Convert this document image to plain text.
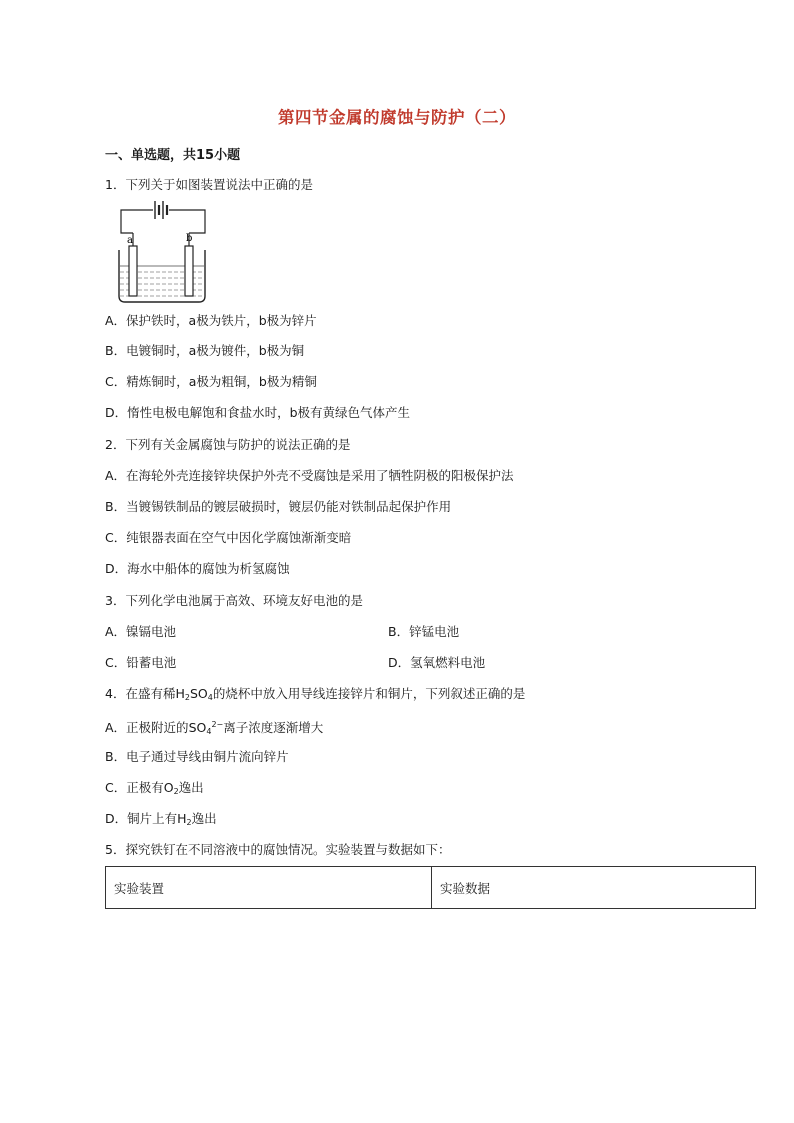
第四节金属的腐蚀与防护（二）
一、单选题，共15小题
1．下列关于如图装置说法中正确的是
a	b
A．保护铁时，a极为铁片，b极为锌片
B．电镀铜时，a极为镀件，b极为铜
C．精炼铜时，a极为粗铜，b极为精铜
D．惰性电极电解饱和食盐水时，b极有黄绿色气体产生
2．下列有关金属腐蚀与防护的说法正确的是
A．在海轮外壳连接锌块保护外壳不受腐蚀是采用了牺牲阴极的阳极保护法
B．当镀锡铁制品的镀层破损时，镀层仍能对铁制品起保护作用
C．纯银器表面在空气中因化学腐蚀渐渐变暗
D．海水中船体的腐蚀为析氢腐蚀
3．下列化学电池属于高效、环境友好电池的是
A．镍镉电池	B．锌锰电池
C．铅蓄电池	D．氢氧燃料电池
4．在盛有稀$H_2SO_4$的烧杯中放入用导线连接锌片和铜片，下列叙述正确的是
A．正极附近的$SO_4^{2-}$离子浓度逐渐增大
B．电子通过导线由铜片流向锌片
C．正极有$O_2$逸出
D．铜片上有$H_2$逸出
5．探究铁钉在不同溶液中的腐蚀情况。实验装置与数据如下：
实验装置	实验数据
